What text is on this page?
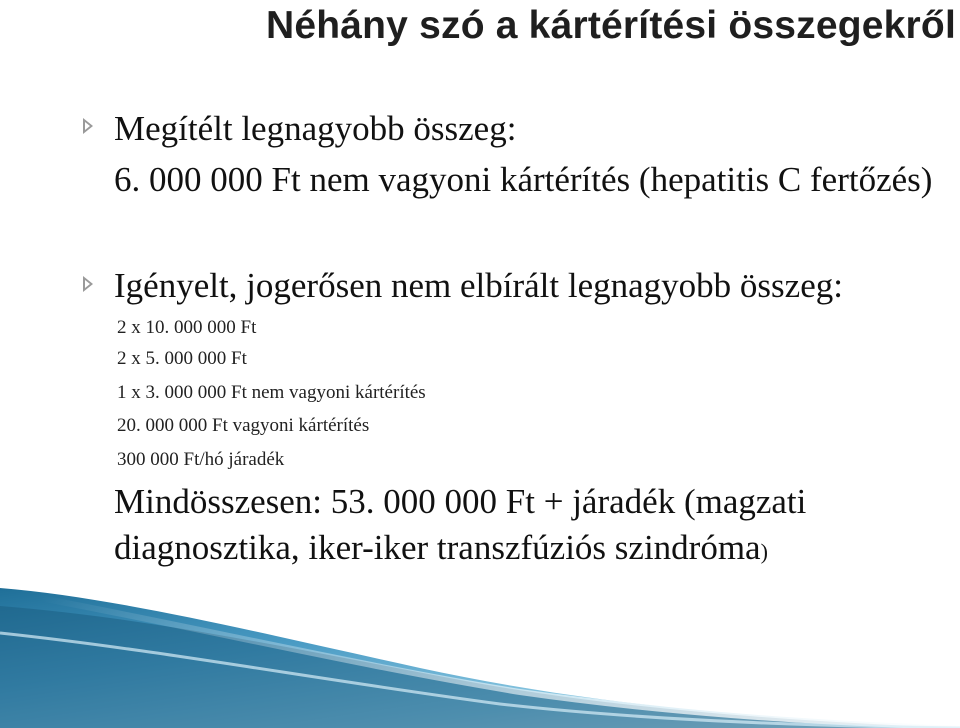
Néhány szó a kártérítési összegekről
Megítélt legnagyobb összeg:
6. 000 000 Ft nem vagyoni kártérítés (hepatitis C fertőzés)
Igényelt, jogerősen nem elbírált legnagyobb összeg:
2 x 10. 000 000 Ft
2 x 5. 000 000 Ft
1 x 3. 000 000 Ft nem vagyoni kártérítés
20. 000 000 Ft vagyoni kártérítés
300 000 Ft/hó járadék
Mindösszesen: 53. 000 000 Ft + járadék (magzati
diagnosztika, iker-iker transzfúziós szindróma)
